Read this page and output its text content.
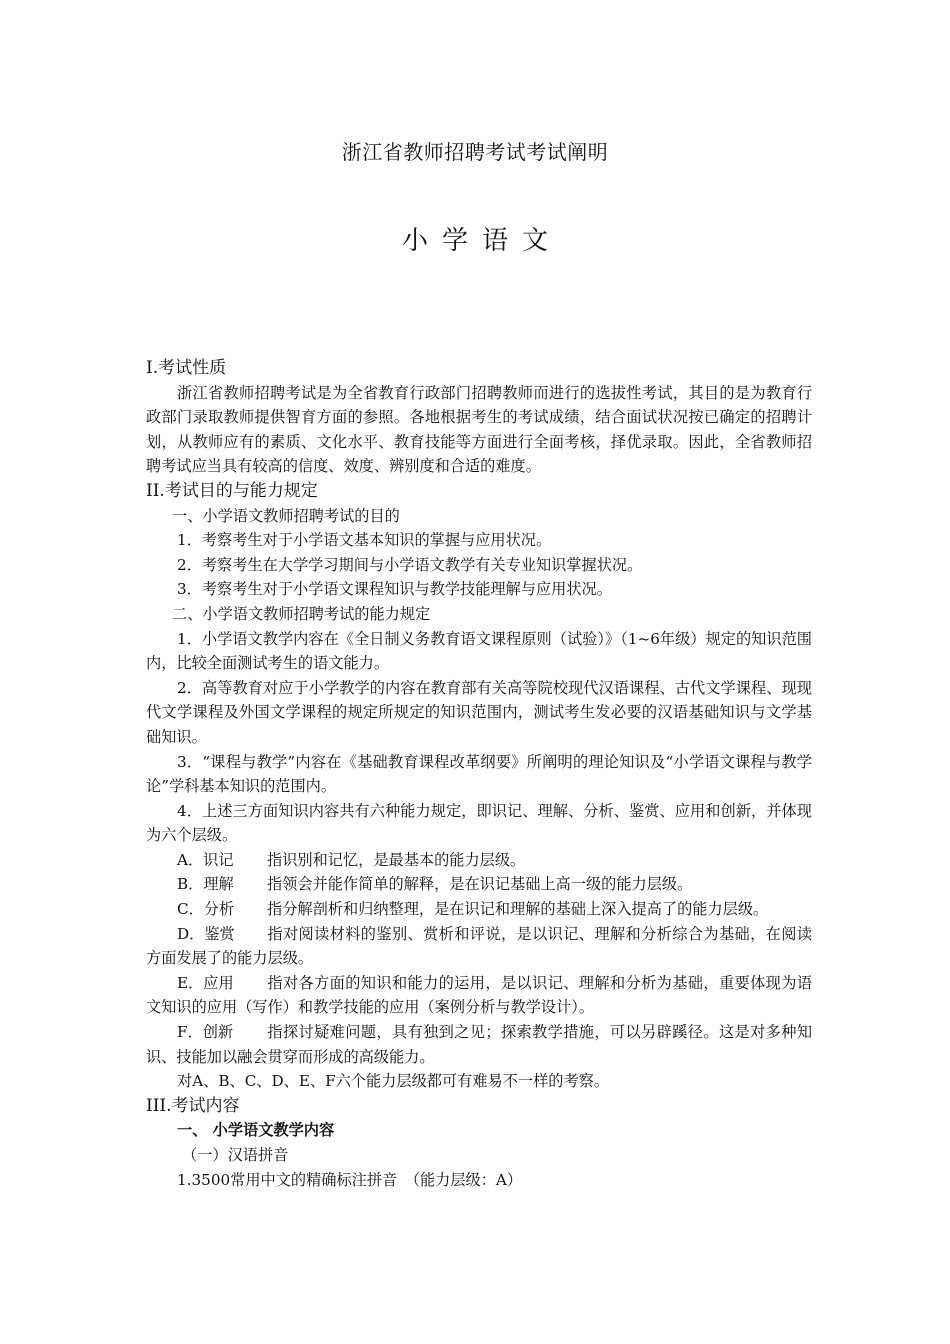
浙江省教师招聘考试考试阐明
小学语文

I.考试性质

浙江省教师招聘考试是为全省教育行政部门招聘教师而进行的选拔性考试，其目的是为教育行政部门录取教师提供智育方面的参照。各地根据考生的考试成绩，结合面试状况按已确定的招聘计划，从教师应有的素质、文化水平、教育技能等方面进行全面考核，择优录取。因此，全省教师招聘考试应当具有较高的信度、效度、辨别度和合适的难度。

II.考试目的与能力规定

一、小学语文教师招聘考试的目的

1．考察考生对于小学语文基本知识的掌握与应用状况。

2．考察考生在大学学习期间与小学语文教学有关专业知识掌握状况。

3．考察考生对于小学语文课程知识与教学技能理解与应用状况。

二、小学语文教师招聘考试的能力规定

1．小学语文教学内容在《全日制义务教育语文课程原则（试验）》（1~6年级）规定的知识范围内，比较全面测试考生的语文能力。

2．高等教育对应于小学教学的内容在教育部有关高等院校现代汉语课程、古代文学课程、现现代文学课程及外国文学课程的规定所规定的知识范围内，测试考生发必要的汉语基础知识与文学基础知识。

3．“课程与教学”内容在《基础教育课程改革纲要》所阐明的理论知识及“小学语文课程与教学论”学科基本知识的范围内。

4．上述三方面知识内容共有六种能力规定，即识记、理解、分析、鉴赏、应用和创新，并体现为六个层级。

A．识记 指识别和记忆，是最基本的能力层级。

B．理解 指领会并能作简单的解释，是在识记基础上高一级的能力层级。

C．分析 指分解剖析和归纳整理，是在识记和理解的基础上深入提高了的能力层级。

D．鉴赏 指对阅读材料的鉴别、赏析和评说，是以识记、理解和分析综合为基础，在阅读方面发展了的能力层级。

E．应用 指对各方面的知识和能力的运用，是以识记、理解和分析为基础，重要体现为语文知识的应用（写作）和教学技能的应用（案例分析与教学设计）。

F．创新 指探讨疑难问题，具有独到之见；探索教学措施，可以另辟蹊径。这是对多种知识、技能加以融会贯穿而形成的高级能力。

对A、B、C、D、E、F六个能力层级都可有难易不一样的考察。

III.考试内容

一、 小学语文教学内容

（一）汉语拼音

1.3500常用中文的精确标注拼音　（能力层级：A）
